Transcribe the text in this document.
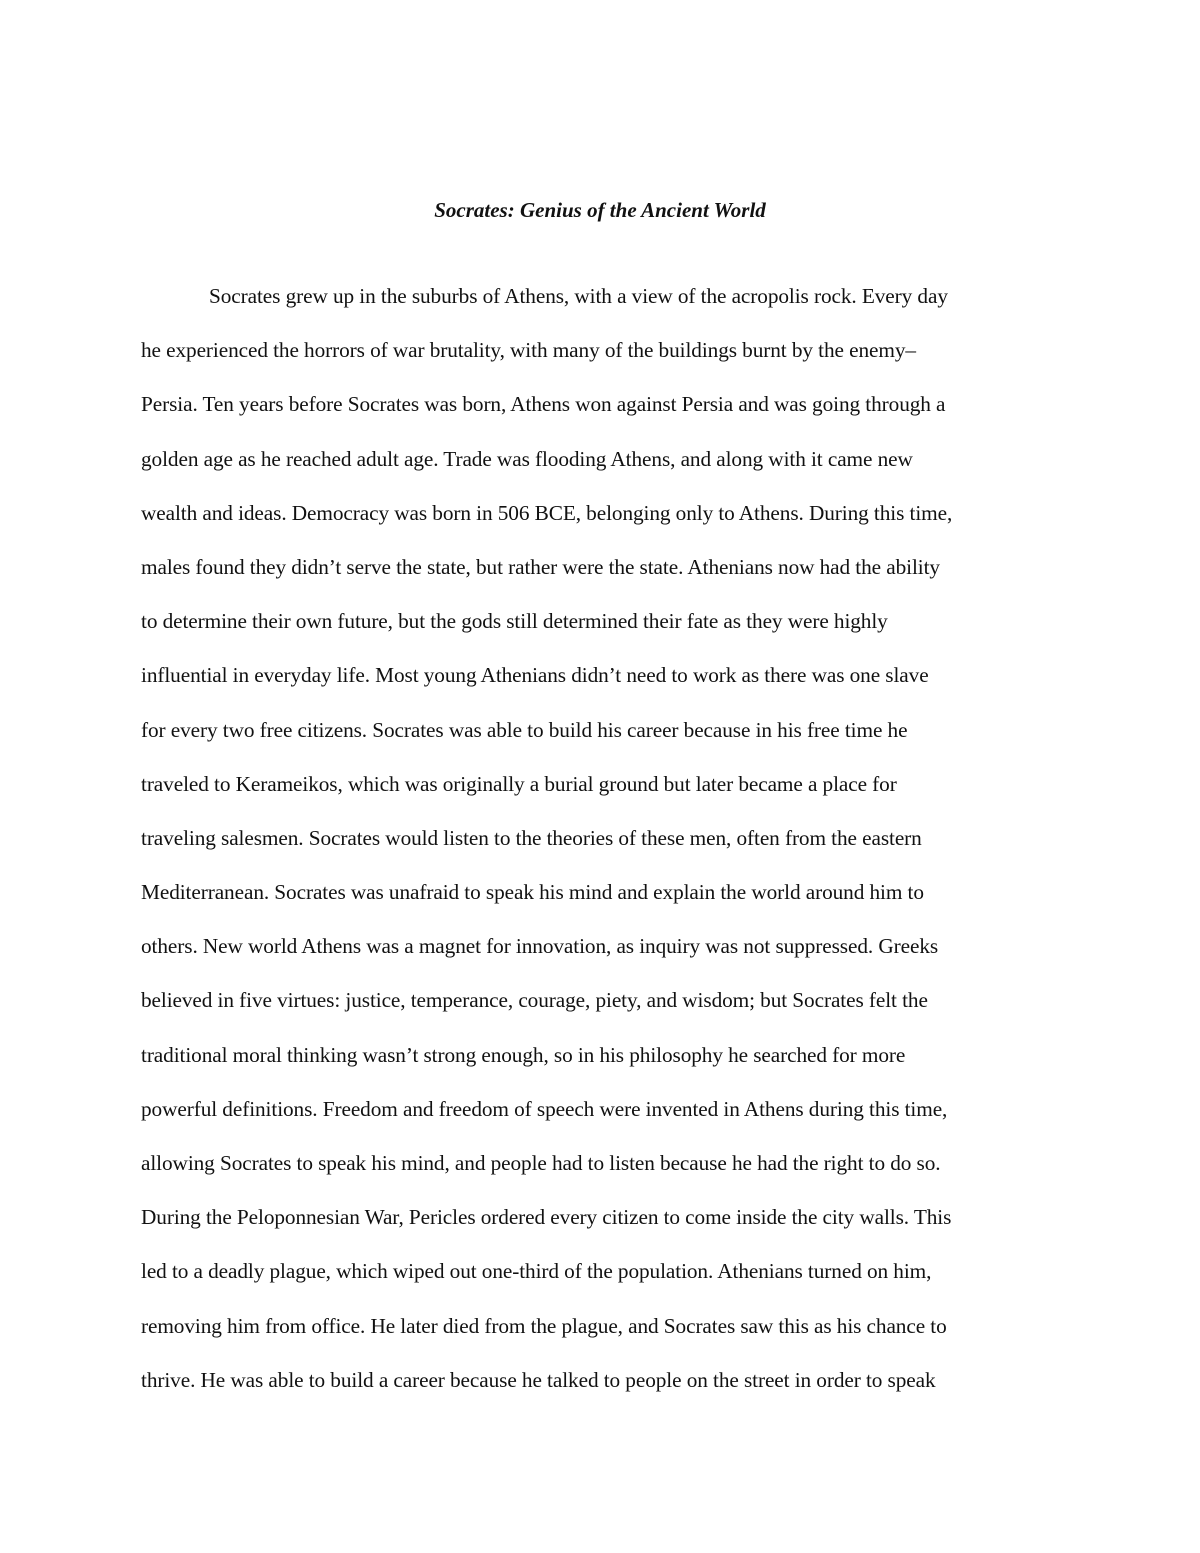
Socrates: Genius of the Ancient World
Socrates grew up in the suburbs of Athens, with a view of the acropolis rock. Every day
he experienced the horrors of war brutality, with many of the buildings burnt by the enemy–
Persia. Ten years before Socrates was born, Athens won against Persia and was going through a
golden age as he reached adult age. Trade was flooding Athens, and along with it came new
wealth and ideas. Democracy was born in 506 BCE, belonging only to Athens. During this time,
males found they didn’t serve the state, but rather were the state. Athenians now had the ability
to determine their own future, but the gods still determined their fate as they were highly
influential in everyday life. Most young Athenians didn’t need to work as there was one slave
for every two free citizens. Socrates was able to build his career because in his free time he
traveled to Kerameikos, which was originally a burial ground but later became a place for
traveling salesmen. Socrates would listen to the theories of these men, often from the eastern
Mediterranean. Socrates was unafraid to speak his mind and explain the world around him to
others. New world Athens was a magnet for innovation, as inquiry was not suppressed. Greeks
believed in five virtues: justice, temperance, courage, piety, and wisdom; but Socrates felt the
traditional moral thinking wasn’t strong enough, so in his philosophy he searched for more
powerful definitions. Freedom and freedom of speech were invented in Athens during this time,
allowing Socrates to speak his mind, and people had to listen because he had the right to do so.
During the Peloponnesian War, Pericles ordered every citizen to come inside the city walls. This
led to a deadly plague, which wiped out one-third of the population. Athenians turned on him,
removing him from office. He later died from the plague, and Socrates saw this as his chance to
thrive. He was able to build a career because he talked to people on the street in order to speak
